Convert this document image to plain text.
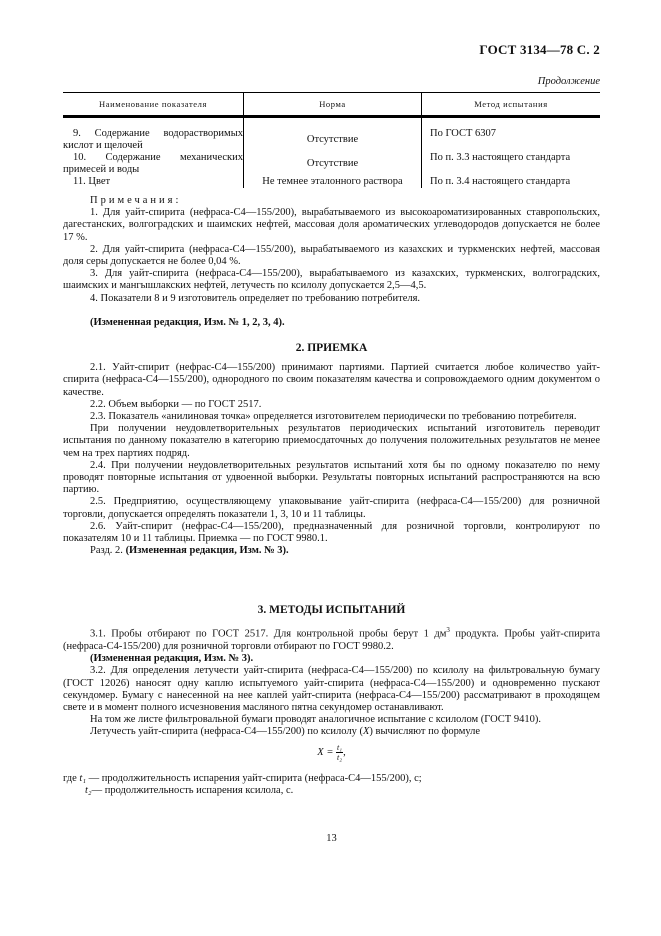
ГОСТ 3134—78 С. 2
Продолжение
Наименование показателя	Норма	Метод испытания

9. Содержание водорастворимых кислот и щелочей	Отсутствие	По ГОСТ 6307

10. Содержание механических примесей и воды	Отсутствие	По п. 3.3 настоящего стандарта

11. Цвет	Не темнее эталонного раствора	По п. 3.4 настоящего стандарта

Примечания:

1. Для уайт-спирита (нефраса-С4—155/200), вырабатываемого из высокоароматизированных ставропольских, дагестанских, волгоградских и шаимских нефтей, массовая доля ароматических углеводородов допускается не более 17 %.

2. Для уайт-спирита (нефраса-С4—155/200), вырабатываемого из казахских и туркменских нефтей, массовая доля серы допускается не более 0,04 %.

3. Для уайт-спирита (нефраса-С4—155/200), вырабатываемого из казахских, туркменских, волгоградских, шаимских и мангышлакских нефтей, летучесть по ксилолу допускается 2,5—4,5.

4. Показатели 8 и 9 изготовитель определяет по требованию потребителя.

(Измененная редакция, Изм. № 1, 2, 3, 4).

2. ПРИЕМКА

2.1. Уайт-спирит (нефрас-С4—155/200) принимают партиями. Партией считается любое количество уайт-спирита (нефраса-С4—155/200), однородного по своим показателям качества и сопровождаемого одним документом о качестве.

2.2. Объем выборки — по ГОСТ 2517.

2.3. Показатель «анилиновая точка» определяется изготовителем периодически по требованию потребителя.

При получении неудовлетворительных результатов периодических испытаний изготовитель переводит испытания по данному показателю в категорию приемосдаточных до получения положительных результатов не менее чем на трех партиях подряд.

2.4. При получении неудовлетворительных результатов испытаний хотя бы по одному показателю по нему проводят повторные испытания от удвоенной выборки. Результаты повторных испытаний распространяются на всю партию.

2.5. Предприятию, осуществляющему упаковывание уайт-спирита (нефраса-С4—155/200) для розничной торговли, допускается определять показатели 1, 3, 10 и 11 таблицы.

2.6. Уайт-спирит (нефрас-С4—155/200), предназначенный для розничной торговли, контролируют по показателям 10 и 11 таблицы. Приемка — по ГОСТ 9980.1.

Разд. 2. (Измененная редакция, Изм. № 3).

3. МЕТОДЫ ИСПЫТАНИЙ

3.1. Пробы отбирают по ГОСТ 2517. Для контрольной пробы берут 1 $дм^3$ продукта. Пробы уайт-спирита (нефраса-С4-155/200) для розничной торговли отбирают по ГОСТ 9980.2.

(Измененная редакция, Изм. № 3).

3.2. Для определения летучести уайт-спирита (нефраса-С4—155/200) по ксилолу на фильтровальную бумагу (ГОСТ 12026) наносят одну каплю испытуемого уайт-спирита (нефраса-С4—155/200) и одновременно пускают секундомер. Бумагу с нанесенной на нее каплей уайт-спирита (нефраса-С4—155/200) рассматривают в проходящем свете и в момент полного исчезновения масляного пятна секундомер останавливают.

На том же листе фильтровальной бумаги проводят аналогичное испытание с ксилолом (ГОСТ 9410).

Летучесть уайт-спирита (нефраса-С4—155/200) по ксилолу (X) вычисляют по формуле

$X = \frac{\text{t₁}}{\text{t₂}}$ ,

где t₁ — продолжительность испарения уайт-спирита (нефраса-С4—155/200), с;

t₂— продолжительность испарения ксилола, с.

13
